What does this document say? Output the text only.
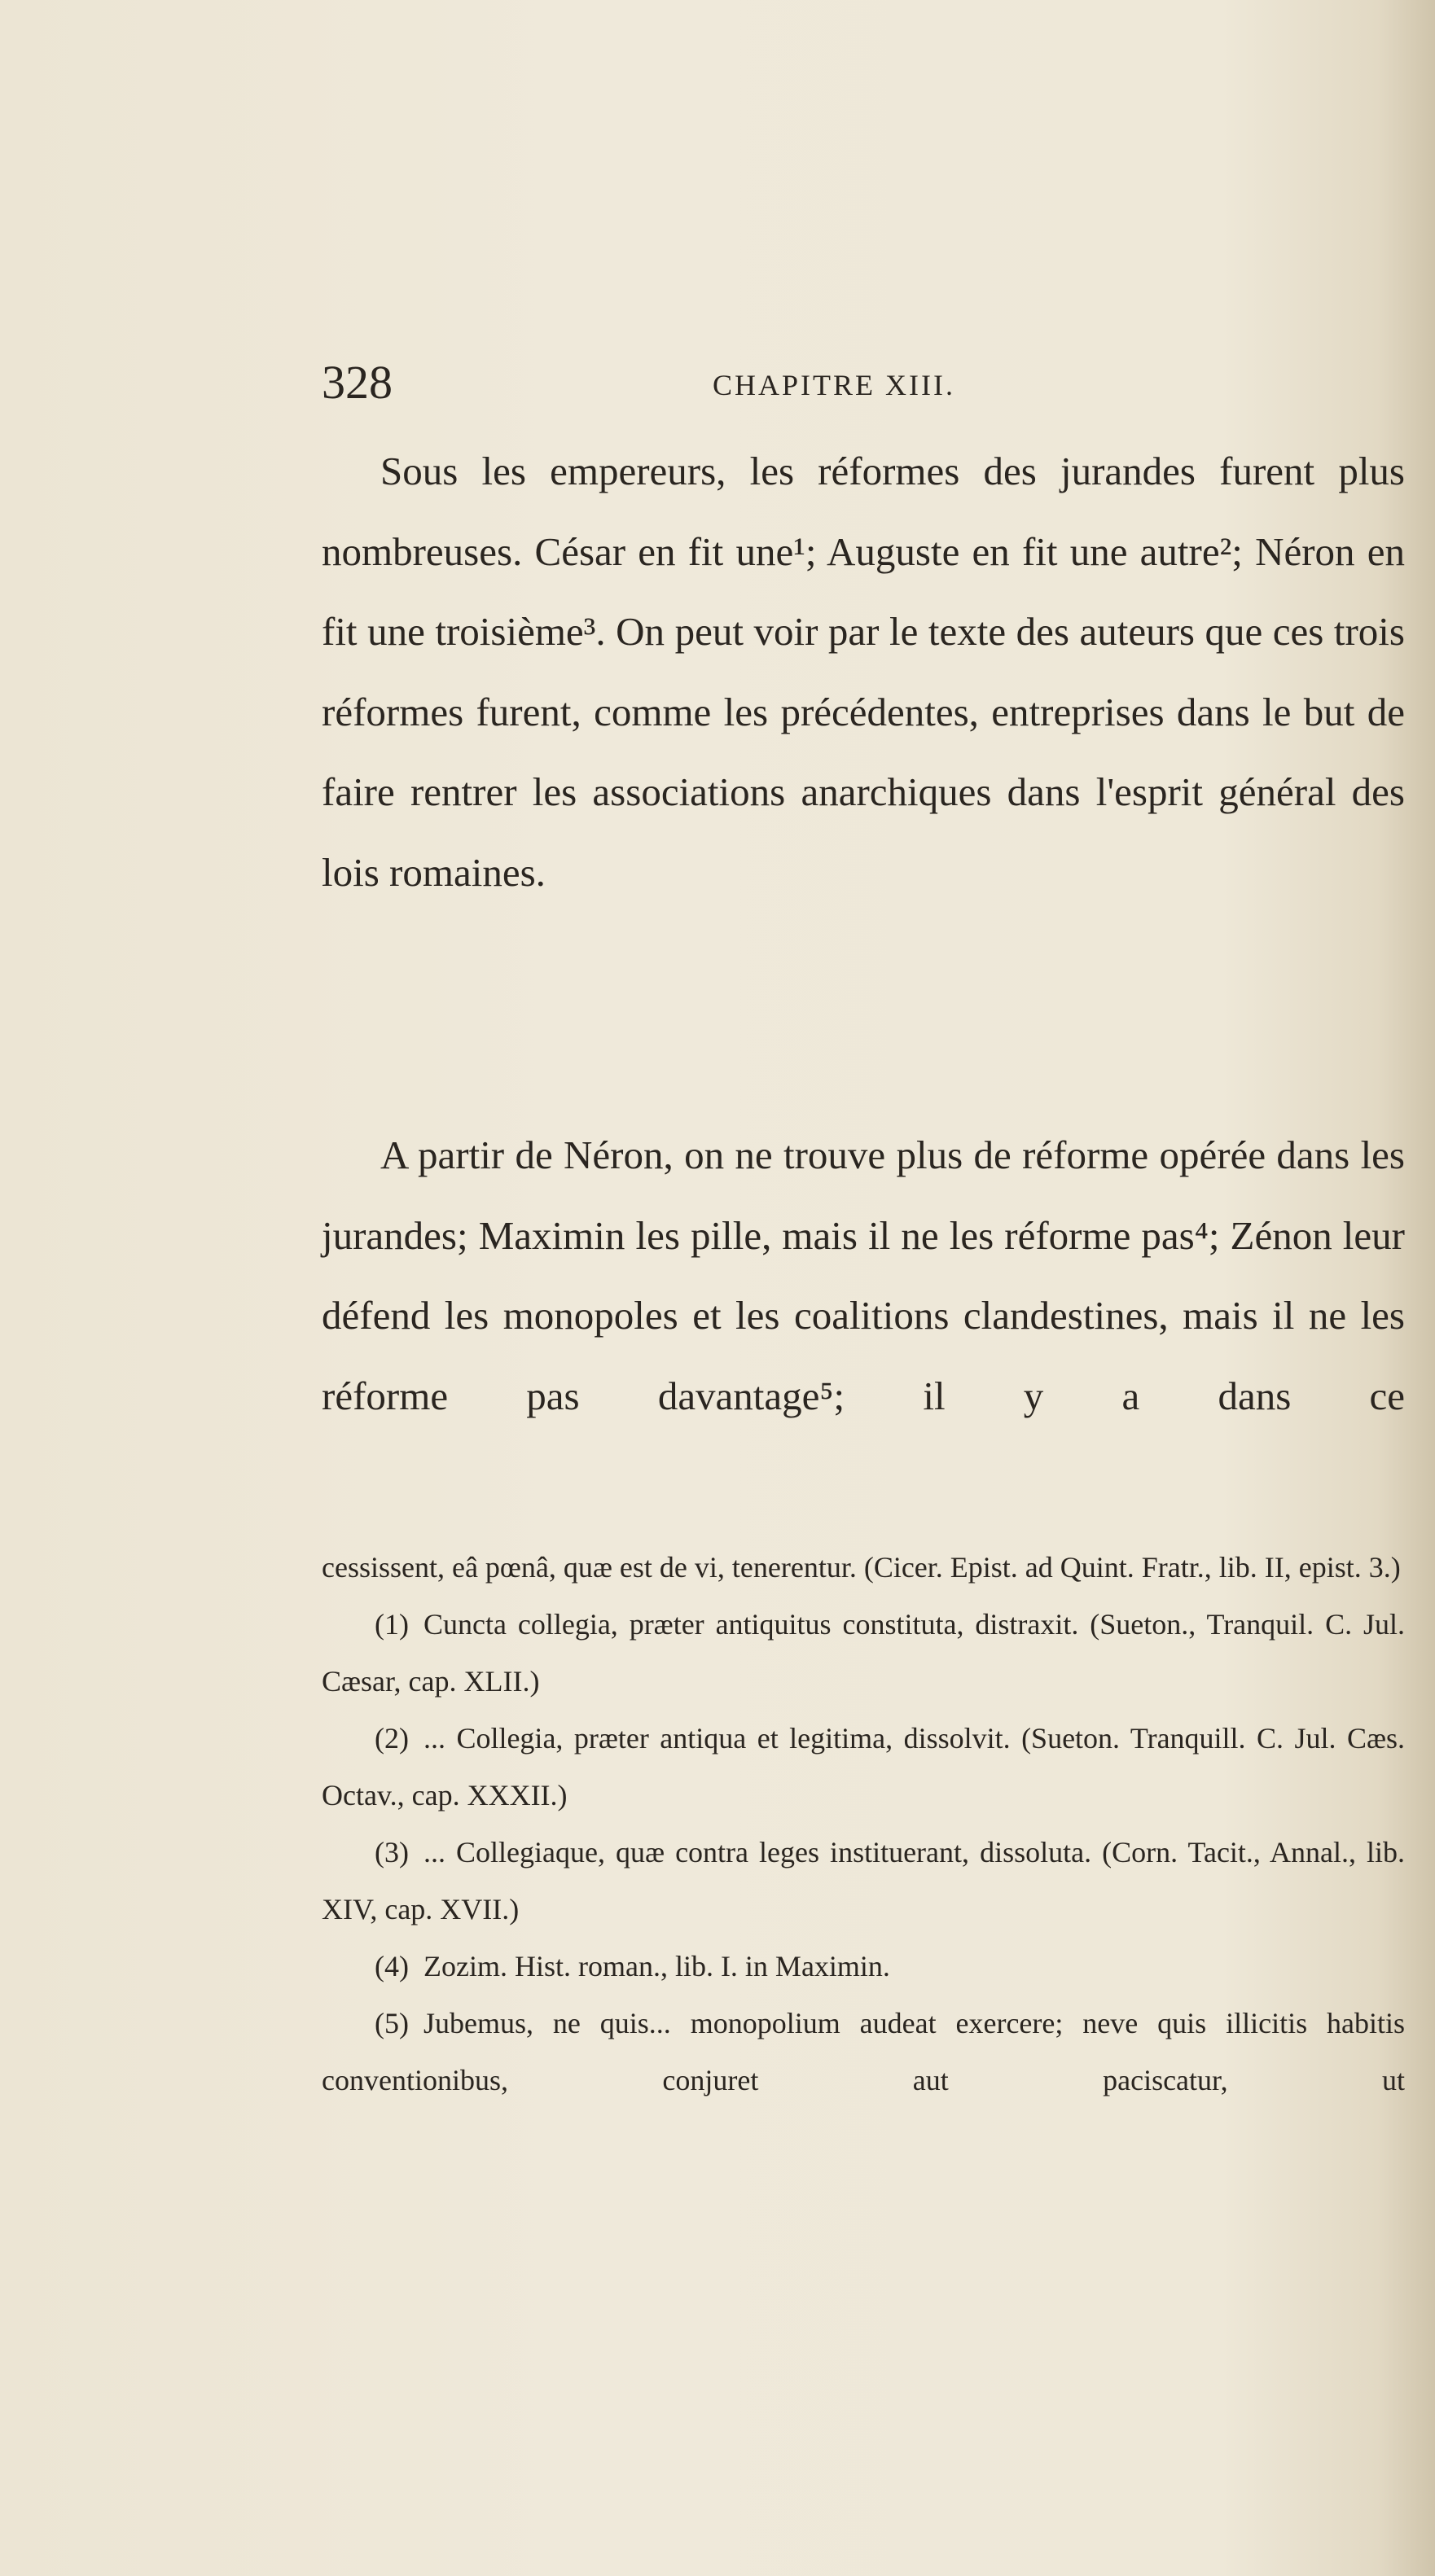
328	CHAPITRE XIII.

Sous les empereurs, les réformes des jurandes furent plus nombreuses. César en fit une¹; Auguste en fit une autre²; Néron en fit une troisième³. On peut voir par le texte des auteurs que ces trois réformes furent, comme les précédentes, entreprises dans le but de faire rentrer les associations anarchiques dans l'esprit général des lois romaines.

A partir de Néron, on ne trouve plus de réforme opérée dans les jurandes; Maximin les pille, mais il ne les réforme pas⁴; Zénon leur défend les monopoles et les coalitions clandestines, mais il ne les réforme pas davantage⁵; il y a dans ce

cessissent, eâ pœnâ, quæ est de vi, tenerentur. (Cicer. Epist. ad Quint. Fratr., lib. II, epist. 3.)

(1) Cuncta collegia, præter antiquitus constituta, distraxit. (Sueton., Tranquil. C. Jul. Cæsar, cap. XLII.)

(2) ... Collegia, præter antiqua et legitima, dissolvit. (Sueton. Tranquill. C. Jul. Cæs. Octav., cap. XXXII.)

(3) ... Collegiaque, quæ contra leges instituerant, dissoluta. (Corn. Tacit., Annal., lib. XIV, cap. XVII.)

(4) Zozim. Hist. roman., lib. I. in Maximin.

(5) Jubemus, ne quis... monopolium audeat exercere; neve quis illicitis habitis conventionibus, conjuret aut paciscatur, ut
